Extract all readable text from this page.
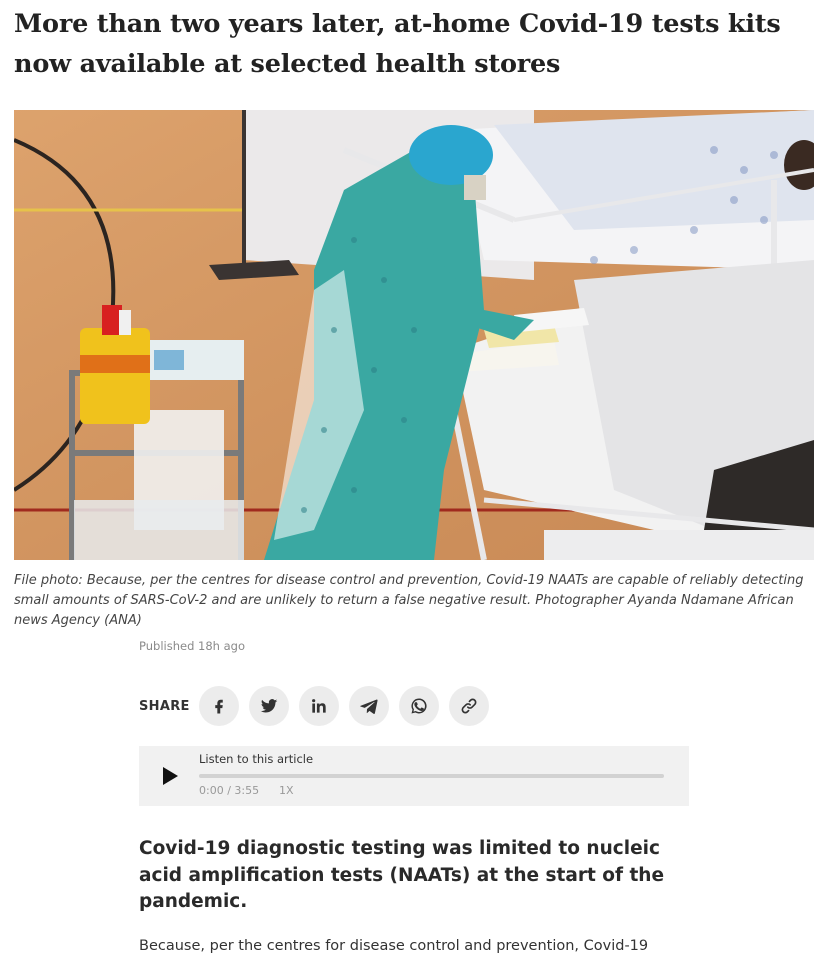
More than two years later, at-home Covid-19 tests kits now available at selected health stores

File photo: Because, per the centres for disease control and prevention, Covid-19 NAATs are capable of reliably detecting small amounts of SARS-CoV-2 and are unlikely to return a false negative result. Photographer Ayanda Ndamane African news Agency (ANA)

Published 18h ago
SHARE
Listen to this article
0:00 / 3:55 1X

Covid-19 diagnostic testing was limited to nucleic acid amplification tests (NAATs) at the start of the pandemic.

Because, per the centres for disease control and prevention, Covid-19
